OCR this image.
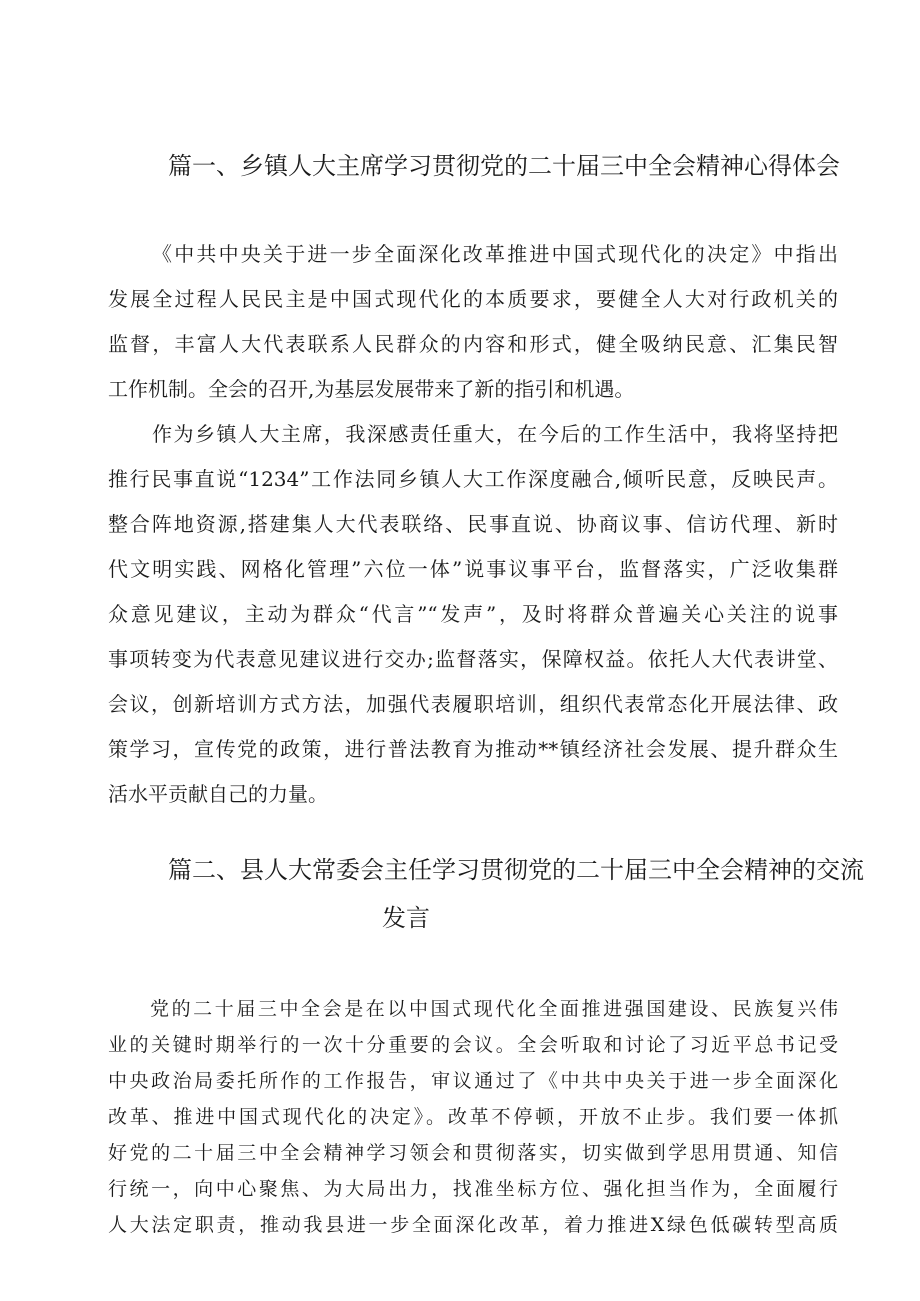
篇一、乡镇人大主席学习贯彻党的二十届三中全会精神心得体会
《中共中央关于进一步全面深化改革推进中国式现代化的决定》中指出
发展全过程人民民主是中国式现代化的本质要求，要健全人大对行政机关的
监督，丰富人大代表联系人民群众的内容和形式，健全吸纳民意、汇集民智
工作机制。全会的召开,为基层发展带来了新的指引和机遇。
作为乡镇人大主席，我深感责任重大，在今后的工作生活中，我将坚持把
推行民事直说“1234”工作法同乡镇人大工作深度融合,倾听民意，反映民声。
整合阵地资源,搭建集人大代表联络、民事直说、协商议事、信访代理、新时
代文明实践、网格化管理”六位一体”说事议事平台，监督落实，广泛收集群
众意见建议，主动为群众“代言”“发声”，及时将群众普遍关心关注的说事
事项转变为代表意见建议进行交办;监督落实，保障权益。依托人大代表讲堂、
会议，创新培训方式方法，加强代表履职培训，组织代表常态化开展法律、政
策学习，宣传党的政策，进行普法教育为推动**镇经济社会发展、提升群众生
活水平贡献自己的力量。
篇二、县人大常委会主任学习贯彻党的二十届三中全会精神的交流
发言
党的二十届三中全会是在以中国式现代化全面推进强国建设、民族复兴伟
业的关键时期举行的一次十分重要的会议。全会听取和讨论了习近平总书记受
中央政治局委托所作的工作报告，审议通过了《中共中央关于进一步全面深化
改革、推进中国式现代化的决定》。改革不停顿，开放不止步。我们要一体抓
好党的二十届三中全会精神学习领会和贯彻落实，切实做到学思用贯通、知信
行统一，向中心聚焦、为大局出力，找准坐标方位、强化担当作为，全面履行
人大法定职责，推动我县进一步全面深化改革，着力推进X绿色低碳转型高质
